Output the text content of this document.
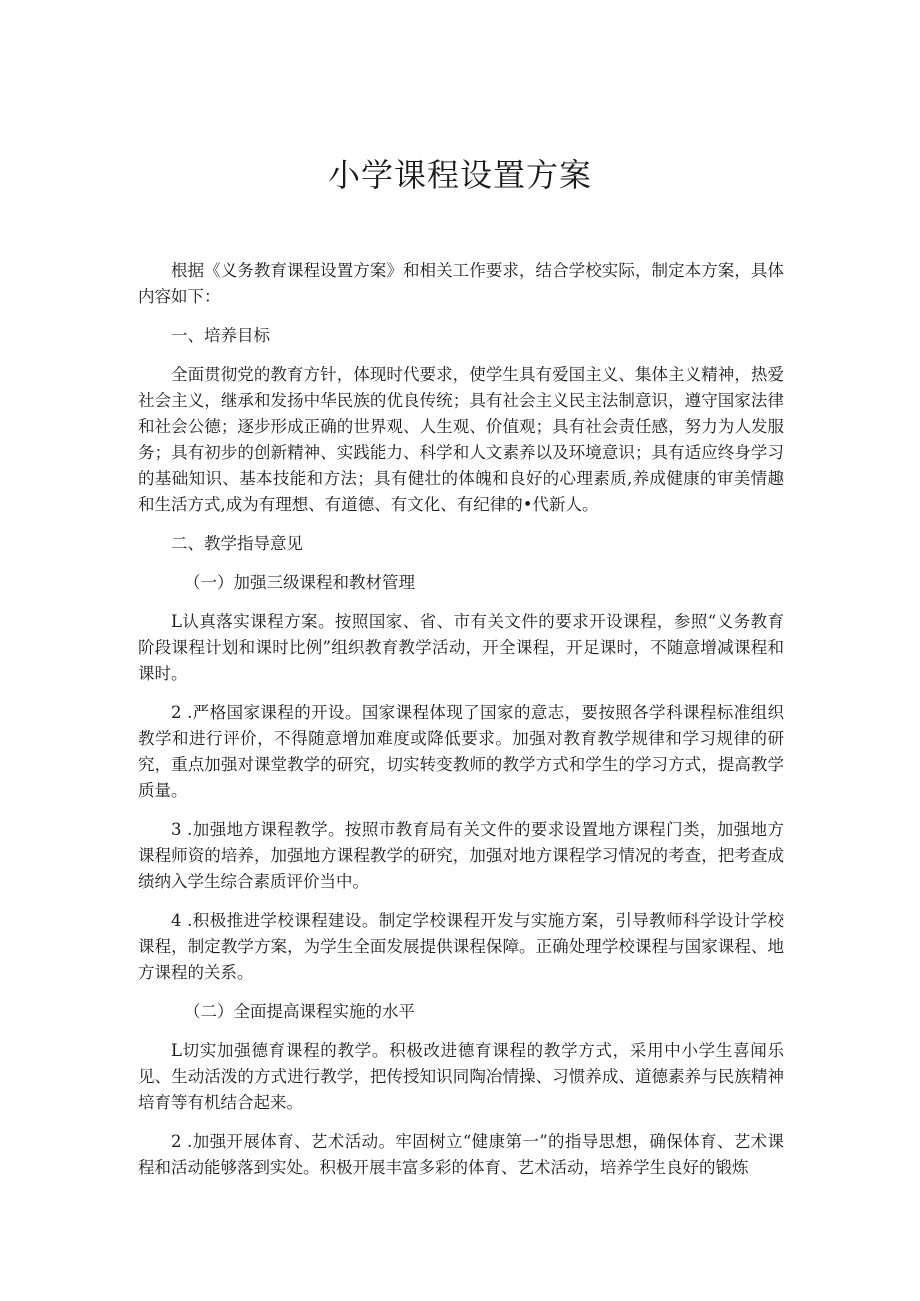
小学课程设置方案

根据《义务教育课程设置方案》和相关工作要求，结合学校实际，制定本方案，具体内容如下：

一、培养目标

全面贯彻党的教育方针，体现时代要求，使学生具有爱国主义、集体主义精神，热爱社会主义，继承和发扬中华民族的优良传统；具有社会主义民主法制意识，遵守国家法律和社会公德；逐步形成正确的世界观、人生观、价值观；具有社会责任感，努力为人发服务；具有初步的创新精神、实践能力、科学和人文素养以及环境意识；具有适应终身学习的基础知识、基本技能和方法；具有健壮的体魄和良好的心理素质,养成健康的审美情趣和生活方式,成为有理想、有道德、有文化、有纪律的•代新人。

二、教学指导意见

（一）加强三级课程和教材管理

L认真落实课程方案。按照国家、省、市有关文件的要求开设课程，参照“义务教育阶段课程计划和课时比例”组织教育教学活动，开全课程，开足课时，不随意增减课程和课时。

2 .严格国家课程的开设。国家课程体现了国家的意志，要按照各学科课程标准组织教学和进行评价，不得随意增加难度或降低要求。加强对教育教学规律和学习规律的研究，重点加强对课堂教学的研究，切实转变教师的教学方式和学生的学习方式，提高教学质量。

3 .加强地方课程教学。按照市教育局有关文件的要求设置地方课程门类，加强地方课程师资的培养，加强地方课程教学的研究，加强对地方课程学习情况的考查，把考查成绩纳入学生综合素质评价当中。

4 .积极推进学校课程建设。制定学校课程开发与实施方案，引导教师科学设计学校课程，制定教学方案，为学生全面发展提供课程保障。正确处理学校课程与国家课程、地方课程的关系。

（二）全面提高课程实施的水平

L切实加强德育课程的教学。积极改进德育课程的教学方式，采用中小学生喜闻乐见、生动活泼的方式进行教学，把传授知识同陶冶情操、习惯养成、道德素养与民族精神培育等有机结合起来。

2 .加强开展体育、艺术活动。牢固树立“健康第一”的指导思想，确保体育、艺术课程和活动能够落到实处。积极开展丰富多彩的体育、艺术活动，培养学生良好的锻炼
